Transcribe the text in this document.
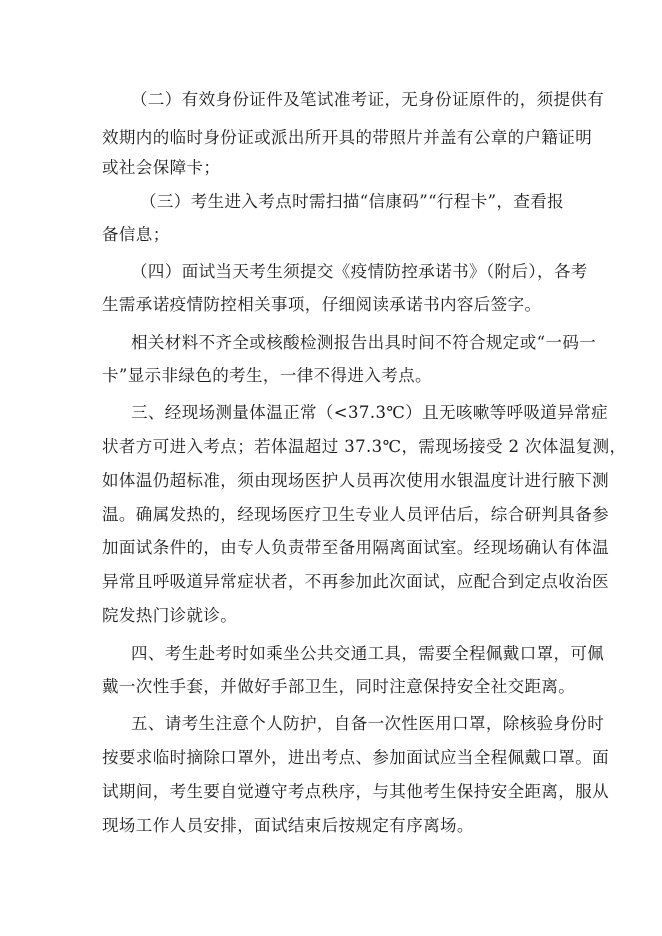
（二）有效身份证件及笔试准考证，无身份证原件的，须提供有
效期内的临时身份证或派出所开具的带照片并盖有公章的户籍证明
或社会保障卡；
（三）考生进入考点时需扫描“信康码”“行程卡”，查看报
备信息；
（四）面试当天考生须提交《疫情防控承诺书》（附后），各考
生需承诺疫情防控相关事项，仔细阅读承诺书内容后签字。
相关材料不齐全或核酸检测报告出具时间不符合规定或“一码一
卡”显示非绿色的考生，一律不得进入考点。
三、经现场测量体温正常（<37.3℃）且无咳嗽等呼吸道异常症
状者方可进入考点；若体温超过 37.3℃，需现场接受 2 次体温复测，
如体温仍超标准，须由现场医护人员再次使用水银温度计进行腋下测
温。确属发热的，经现场医疗卫生专业人员评估后，综合研判具备参
加面试条件的，由专人负责带至备用隔离面试室。经现场确认有体温
异常且呼吸道异常症状者，不再参加此次面试，应配合到定点收治医
院发热门诊就诊。
四、考生赴考时如乘坐公共交通工具，需要全程佩戴口罩，可佩
戴一次性手套，并做好手部卫生，同时注意保持安全社交距离。
五、请考生注意个人防护，自备一次性医用口罩，除核验身份时
按要求临时摘除口罩外，进出考点、参加面试应当全程佩戴口罩。面
试期间，考生要自觉遵守考点秩序，与其他考生保持安全距离，服从
现场工作人员安排，面试结束后按规定有序离场。
